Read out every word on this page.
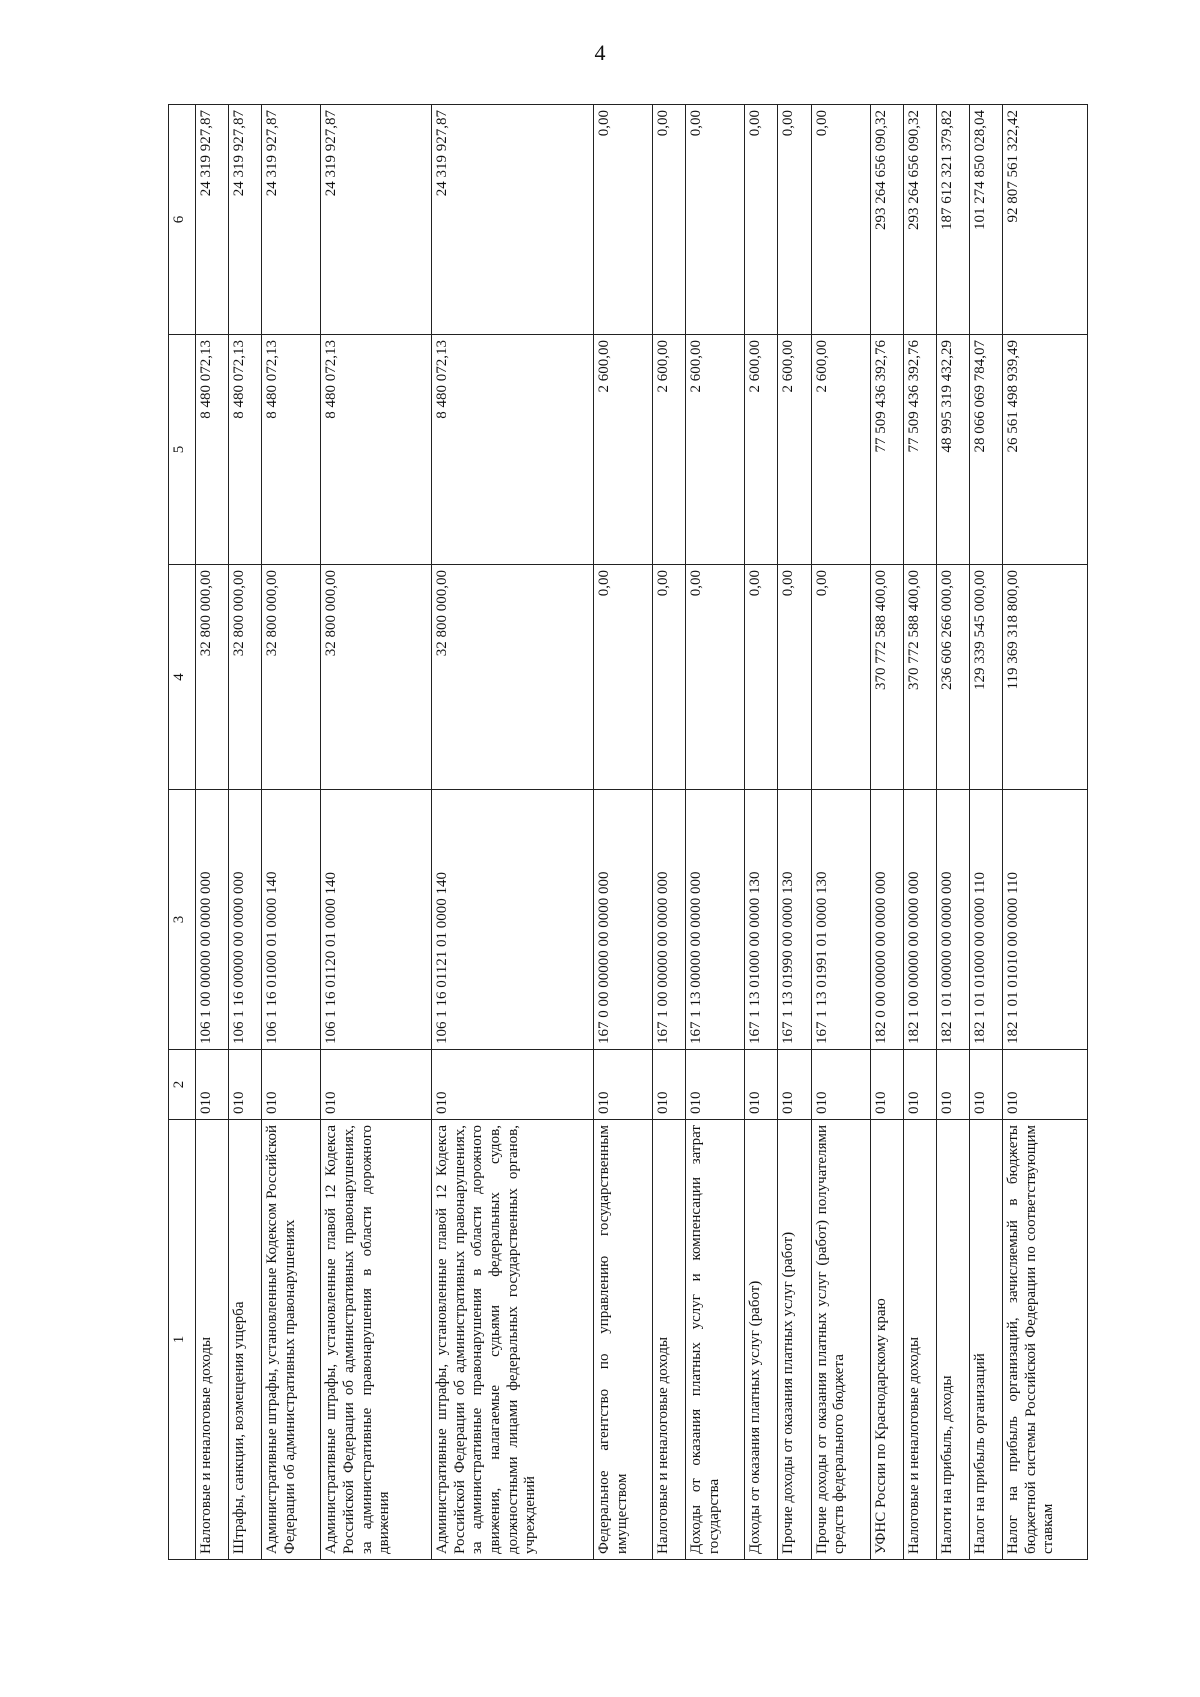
4
1	2	3	4	5	6
Налоговые и неналоговые доходы	010	106 1 00 00000 00 0000 000	32 800 000,00	8 480 072,13	24 319 927,87
Штрафы, санкции, возмещения ущерба	010	106 1 16 00000 00 0000 000	32 800 000,00	8 480 072,13	24 319 927,87
Административные штрафы, установленные Кодексом Российской Федерации об административных правонарушениях	010	106 1 16 01000 01 0000 140	32 800 000,00	8 480 072,13	24 319 927,87
Административные штрафы, установленные главой 12 Кодекса Российской Федерации об административных правонарушениях, за административные правонарушения в области дорожного движения	010	106 1 16 01120 01 0000 140	32 800 000,00	8 480 072,13	24 319 927,87
Административные штрафы, установленные главой 12 Кодекса Российской Федерации об административных правонарушениях, за административные правонарушения в области дорожного движения, налагаемые судьями федеральных судов, должностными лицами федеральных государственных органов, учреждений	010	106 1 16 01121 01 0000 140	32 800 000,00	8 480 072,13	24 319 927,87
Федеральное агентство по управлению государственным имуществом	010	167 0 00 00000 00 0000 000	0,00	2 600,00	0,00
Налоговые и неналоговые доходы	010	167 1 00 00000 00 0000 000	0,00	2 600,00	0,00
Доходы от оказания платных услуг и компенсации затрат государства	010	167 1 13 00000 00 0000 000	0,00	2 600,00	0,00
Доходы от оказания платных услуг (работ)	010	167 1 13 01000 00 0000 130	0,00	2 600,00	0,00
Прочие доходы от оказания платных услуг (работ)	010	167 1 13 01990 00 0000 130	0,00	2 600,00	0,00
Прочие доходы от оказания платных услуг (работ) получателями средств федерального бюджета	010	167 1 13 01991 01 0000 130	0,00	2 600,00	0,00
УФНС России по Краснодарскому краю	010	182 0 00 00000 00 0000 000	370 772 588 400,00	77 509 436 392,76	293 264 656 090,32
Налоговые и неналоговые доходы	010	182 1 00 00000 00 0000 000	370 772 588 400,00	77 509 436 392,76	293 264 656 090,32
Налоги на прибыль, доходы	010	182 1 01 00000 00 0000 000	236 606 266 000,00	48 995 319 432,29	187 612 321 379,82
Налог на прибыль организаций	010	182 1 01 01000 00 0000 110	129 339 545 000,00	28 066 069 784,07	101 274 850 028,04
Налог на прибыль организаций, зачисляемый в бюджеты бюджетной системы Российской Федерации по соответствующим ставкам	010	182 1 01 01010 00 0000 110	119 369 318 800,00	26 561 498 939,49	92 807 561 322,42
